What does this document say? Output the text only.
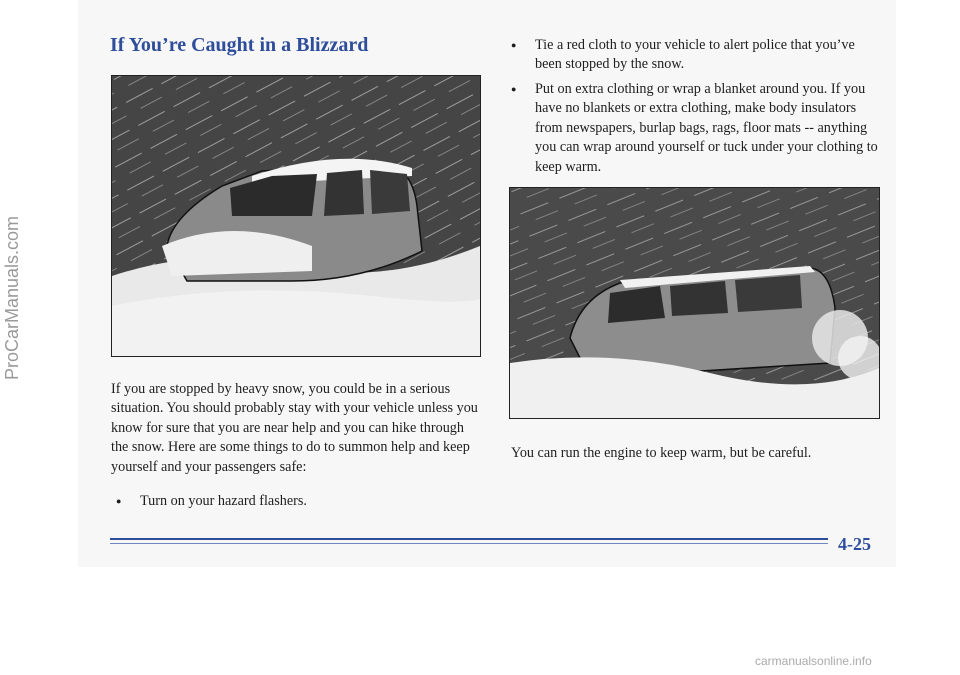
If You’re Caught in a Blizzard

If you are stopped by heavy snow, you could be in a serious situation. You should probably stay with your vehicle unless you know for sure that you are near help and you can hike through the snow. Here are some things to do to summon help and keep yourself and your passengers safe:

●	Turn on your hazard flashers.
●	Tie a red cloth to your vehicle to alert police that you’ve been stopped by the snow.
●	Put on extra clothing or wrap a blanket around you. If you have no blankets or extra clothing, make body insulators from newspapers, burlap bags, rags, floor mats -- anything you can wrap around yourself or tuck under your clothing to keep warm.

You can run the engine to keep warm, but be careful.

4-25
ProCarManuals.com
carmanualsonline.info
